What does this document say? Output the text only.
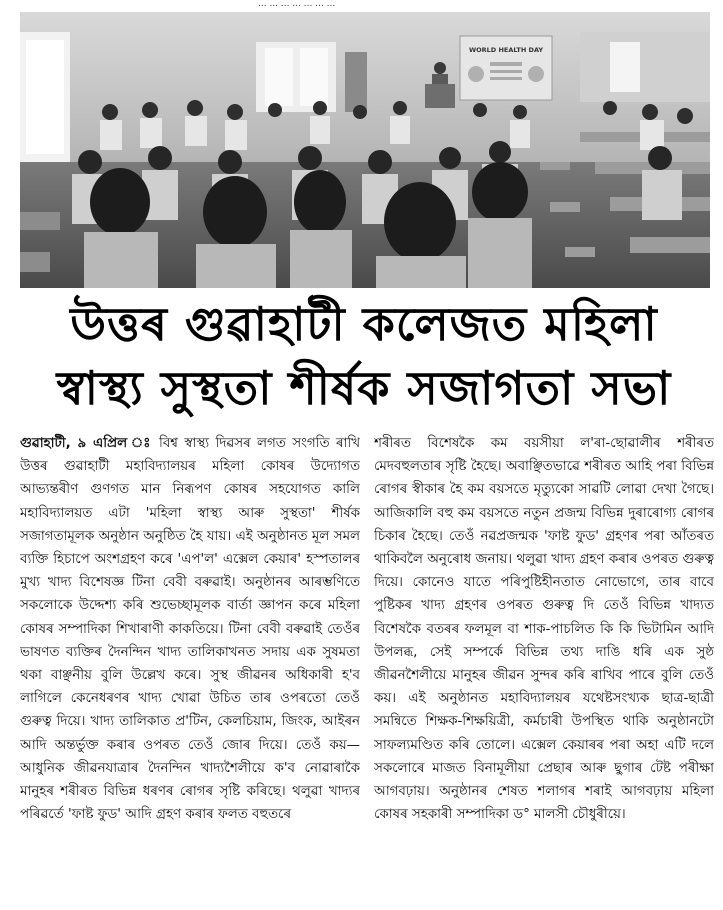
... ... ... ... ... ... ...
WORLD HEALTH DAY
উত্তৰ গুৱাহাটী কলেজত মহিলা
স্বাস্থ্য সুস্থতা শীৰ্ষক সজাগতা সভা

গুৱাহাটী, ৯ এপ্ৰিল ঃ বিশ্ব স্বাস্থ্য দিৱসৰ লগত সংগতি ৰাখি উত্তৰ গুৱাহাটী মহাবিদ্যালয়ৰ মহিলা কোষৰ উদ্যোগত আভ্যন্তৰীণ গুণগত মান নিৰূপণ কোষৰ সহযোগত কালি মহাবিদ্যালয়ত এটা 'মহিলা স্বাস্থ্য আৰু সুস্থতা' শীৰ্ষক সজাগতামূলক অনুষ্ঠান অনুষ্ঠিত হৈ যায়। এই অনুষ্ঠানত মূল সমল ব্যক্তি হিচাপে অংশগ্ৰহণ কৰে 'এপ'ল' এক্সেল কেয়াৰ' হস্পতালৰ মুখ্য খাদ্য বিশেষজ্ঞ টিনা বেবী বৰুৱাই। অনুষ্ঠানৰ আৰম্ভণিতে সকলোকে উদ্দেশ্য কৰি শুভেচ্ছামূলক বাৰ্তা জ্ঞাপন কৰে মহিলা কোষৰ সম্পাদিকা শিখাৰাণী কাকতিয়ে। টিনা বেবী বৰুৱাই তেওঁৰ ভাষণত ব্যক্তিৰ দৈনন্দিন খাদ্য তালিকাখনত সদায় এক সুষমতা থকা বাঞ্ছনীয় বুলি উল্লেখ কৰে। সুস্থ জীৱনৰ অধিকাৰী হ'ব লাগিলে কেনেধৰণৰ খাদ্য খোৱা উচিত তাৰ ওপৰতো তেওঁ গুৰুত্ব দিয়ে। খাদ্য তালিকাত প্ৰ'টিন, কেলচিয়াম, জিংক, আইৰন আদি অন্তৰ্ভুক্ত কৰাৰ ওপৰত তেওঁ জোৰ দিয়ে। তেওঁ কয়— আধুনিক জীৱনযাত্ৰাৰ দৈনন্দিন খাদ্যশৈলীয়ে ক'ব নোৱাৰাকৈ মানুহৰ শৰীৰত বিভিন্ন ধৰণৰ ৰোগৰ সৃষ্টি কৰিছে। থলুৱা খাদ্যৰ পৰিৱৰ্তে 'ফাষ্ট ফুড' আদি গ্ৰহণ কৰাৰ ফলত বহুতৰে

শৰীৰত বিশেষকৈ কম বয়সীয়া ল'ৰা-ছোৱালীৰ শৰীৰত মেদবহুলতাৰ সৃষ্টি হৈছে। অবাঞ্ছিতভাৱে শৰীৰত আহি পৰা বিভিন্ন ৰোগৰ স্বীকাৰ হৈ কম বয়সতে মৃত্যুকো সাৱটি লোৱা দেখা গৈছে। আজিকালি বহু কম বয়সতে নতুন প্ৰজন্ম বিভিন্ন দুৰাৰোগ্য ৰোগৰ চিকাৰ হৈছে। তেওঁ নৱপ্ৰজন্মক 'ফাষ্ট ফুড' গ্ৰহণৰ পৰা আঁতৰত থাকিবলৈ অনুৰোধ জনায়। থলুৱা খাদ্য গ্ৰহণ কৰাৰ ওপৰত গুৰুত্ব দিয়ে। কোনেও যাতে পৰিপুষ্টিহীনতাত নোভোগে, তাৰ বাবে পুষ্টিকৰ খাদ্য গ্ৰহণৰ ওপৰত গুৰুত্ব দি তেওঁ বিভিন্ন খাদ্যত বিশেষকৈ বতৰৰ ফলমূল বা শাক-পাচলিত কি কি ভিটামিন আদি উপলব্ধ, সেই সম্পৰ্কে বিভিন্ন তথ্য দাঙি ধৰি এক সুষ্ঠ জীৱনশৈলীয়ে মানুহৰ জীৱন সুন্দৰ কৰি ৰাখিব পাৰে বুলি তেওঁ কয়। এই অনুষ্ঠানত মহাবিদ্যালয়ৰ যথেষ্টসংখ্যক ছাত্ৰ-ছাত্ৰী সমন্বিতে শিক্ষক-শিক্ষয়িত্ৰী, কৰ্মচাৰী উপস্থিত থাকি অনুষ্ঠানটো সাফল্যমণ্ডিত কৰি তোলে। এক্সেল কেয়াৰৰ পৰা অহা এটি দলে সকলোৰে মাজত বিনামূলীয়া প্ৰেছাৰ আৰু ছুগাৰ টেষ্ট পৰীক্ষা আগবঢ়ায়। অনুষ্ঠানৰ শেষত শলাগৰ শৰাই আগবঢ়ায় মহিলা কোষৰ সহকাৰী সম্পাদিকা ড° মালসী চৌধুৰীয়ে।
